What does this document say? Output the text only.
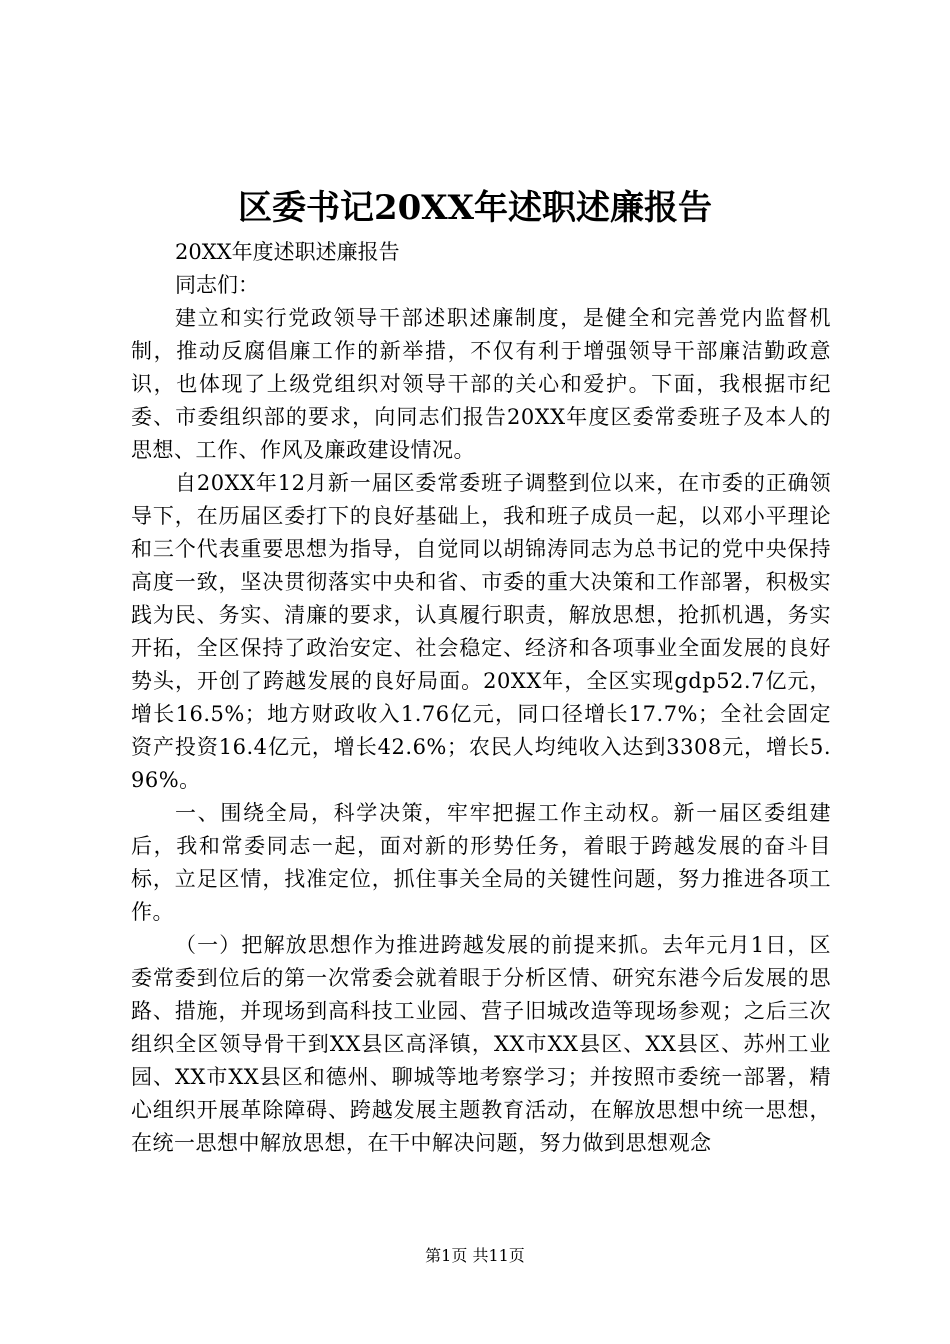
区委书记20XX年述职述廉报告

20XX年度述职述廉报告

同志们：

建立和实行党政领导干部述职述廉制度，是健全和完善党内监督机制，推动反腐倡廉工作的新举措，不仅有利于增强领导干部廉洁勤政意识，也体现了上级党组织对领导干部的关心和爱护。下面，我根据市纪委、市委组织部的要求，向同志们报告20XX年度区委常委班子及本人的思想、工作、作风及廉政建设情况。

自20XX年12月新一届区委常委班子调整到位以来，在市委的正确领导下，在历届区委打下的良好基础上，我和班子成员一起，以邓小平理论和三个代表重要思想为指导，自觉同以胡锦涛同志为总书记的党中央保持高度一致，坚决贯彻落实中央和省、市委的重大决策和工作部署，积极实践为民、务实、清廉的要求，认真履行职责，解放思想，抢抓机遇，务实开拓，全区保持了政治安定、社会稳定、经济和各项事业全面发展的良好势头，开创了跨越发展的良好局面。20XX年，全区实现gdp52.7亿元，增长16.5%；地方财政收入1.76亿元，同口径增长17.7%；全社会固定资产投资16.4亿元，增长42.6%；农民人均纯收入达到3308元，增长5.96%。

一、围绕全局，科学决策，牢牢把握工作主动权。新一届区委组建后，我和常委同志一起，面对新的形势任务，着眼于跨越发展的奋斗目标，立足区情，找准定位，抓住事关全局的关键性问题，努力推进各项工作。

（一）把解放思想作为推进跨越发展的前提来抓。去年元月1日，区委常委到位后的第一次常委会就着眼于分析区情、研究东港今后发展的思路、措施，并现场到高科技工业园、营子旧城改造等现场参观；之后三次组织全区领导骨干到XX县区高泽镇，XX市XX县区、XX县区、苏州工业园、XX市XX县区和德州、聊城等地考察学习；并按照市委统一部署，精心组织开展革除障碍、跨越发展主题教育活动，在解放思想中统一思想，在统一思想中解放思想，在干中解决问题，努力做到思想观念

第1页 共11页
